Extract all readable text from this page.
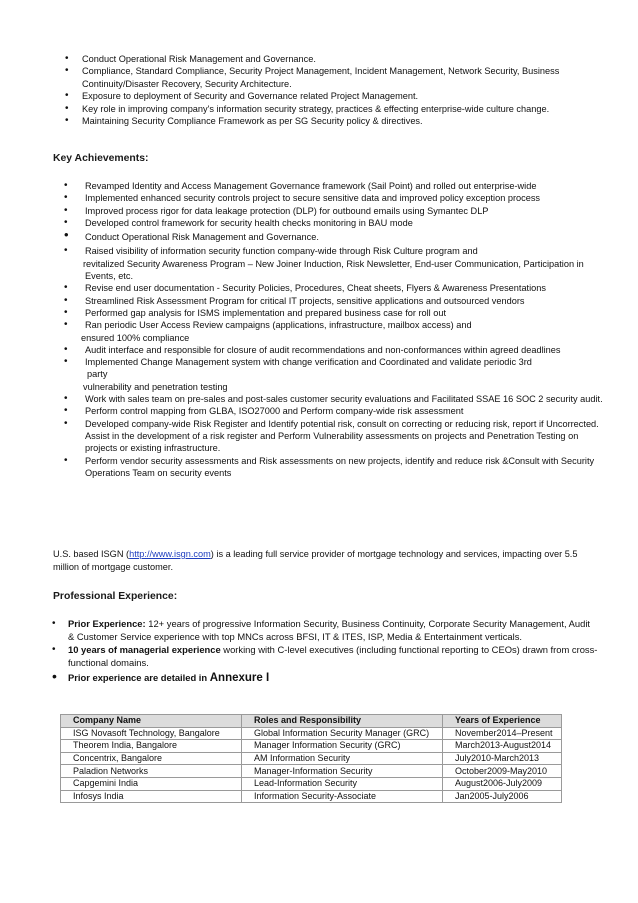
• Conduct Operational Risk Management and Governance.
• Compliance, Standard Compliance, Security Project Management, Incident Management, Network Security, Business Continuity/Disaster Recovery, Security Architecture.
• Exposure to deployment of Security and Governance related Project Management.
• Key role in improving company's information security strategy, practices & effecting enterprise-wide culture change.
• Maintaining Security Compliance Framework as per SG Security policy & directives.
Key Achievements:
• Revamped Identity and Access Management Governance framework (Sail Point) and rolled out enterprise-wide
• Implemented enhanced security controls project to secure sensitive data and improved policy exception process
• Improved process rigor for data leakage protection (DLP) for outbound emails using Symantec DLP
• Developed control framework for security health checks monitoring in BAU mode
• Conduct Operational Risk Management and Governance.
• Raised visibility of information security function company-wide through Risk Culture program and
revitalized Security Awareness Program – New Joiner Induction, Risk Newsletter, End-user Communication, Participation in Events, etc.
• Revise end user documentation - Security Policies, Procedures, Cheat sheets, Flyers & Awareness Presentations
• Streamlined Risk Assessment Program for critical IT projects, sensitive applications and outsourced vendors
• Performed gap analysis for ISMS implementation and prepared business case for roll out
• Ran periodic User Access Review campaigns (applications, infrastructure, mailbox access) and
ensured 100% compliance
• Audit interface and responsible for closure of audit recommendations and non-conformances within agreed deadlines
• Implemented Change Management system with change verification and Coordinated and validate periodic 3rd
party
vulnerability and penetration testing
• Work with sales team on pre-sales and post-sales customer security evaluations and Facilitated SSAE 16 SOC 2 security audit.
• Perform control mapping from GLBA, ISO27000 and Perform company-wide risk assessment
• Developed company-wide Risk Register and Identify potential risk, consult on correcting or reducing risk, report if Uncorrected. Assist in the development of a risk register and Perform Vulnerability assessments on projects and Penetration Testing on projects or existing infrastructure.
• Perform vendor security assessments and Risk assessments on new projects, identify and reduce risk &Consult with Security Operations Team on security events
U.S. based ISGN (http://www.isgn.com) is a leading full service provider of mortgage technology and services, impacting over 5.5 million of mortgage customer.
Professional Experience:
• Prior Experience: 12+ years of progressive Information Security, Business Continuity, Corporate Security Management, Audit & Customer Service experience with top MNCs across BFSI, IT & ITES, ISP, Media & Entertainment verticals.
• 10 years of managerial experience working with C-level executives (including functional reporting to CEOs) drawn from cross-functional domains.
• Prior experience are detailed in Annexure I
Company Name	Roles and Responsibility	Years of Experience
ISG Novasoft Technology, Bangalore	Global Information Security Manager (GRC)	November2014–Present
Theorem India, Bangalore	Manager Information Security (GRC)	March2013-August2014
Concentrix, Bangalore	AM Information Security	July2010-March2013
Paladion Networks	Manager-Information Security	October2009-May2010
Capgemini India	Lead-Information Security	August2006-July2009
Infosys India	Information Security-Associate	Jan2005-July2006
